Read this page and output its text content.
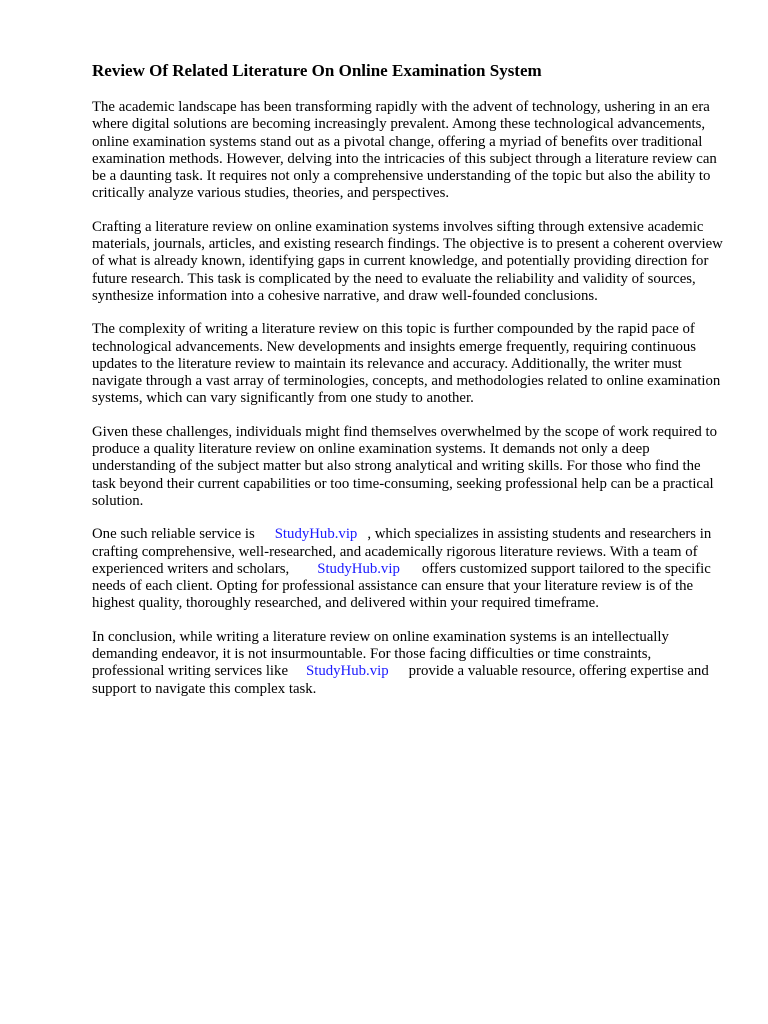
Review Of Related Literature On Online Examination System

The academic landscape has been transforming rapidly with the advent of technology, ushering in an era where digital solutions are becoming increasingly prevalent. Among these technological advancements, online examination systems stand out as a pivotal change, offering a myriad of benefits over traditional examination methods. However, delving into the intricacies of this subject through a literature review can be a daunting task. It requires not only a comprehensive understanding of the topic but also the ability to critically analyze various studies, theories, and perspectives.

Crafting a literature review on online examination systems involves sifting through extensive academic materials, journals, articles, and existing research findings. The objective is to present a coherent overview of what is already known, identifying gaps in current knowledge, and potentially providing direction for future research. This task is complicated by the need to evaluate the reliability and validity of sources, synthesize information into a cohesive narrative, and draw well-founded conclusions.

The complexity of writing a literature review on this topic is further compounded by the rapid pace of technological advancements. New developments and insights emerge frequently, requiring continuous updates to the literature review to maintain its relevance and accuracy. Additionally, the writer must navigate through a vast array of terminologies, concepts, and methodologies related to online examination systems, which can vary significantly from one study to another.

Given these challenges, individuals might find themselves overwhelmed by the scope of work required to produce a quality literature review on online examination systems. It demands not only a deep understanding of the subject matter but also strong analytical and writing skills. For those who find the task beyond their current capabilities or too time-consuming, seeking professional help can be a practical solution.

One such reliable service is StudyHub.vip , which specializes in assisting students and researchers in crafting comprehensive, well-researched, and academically rigorous literature reviews. With a team of experienced writers and scholars, StudyHub.vip offers customized support tailored to the specific needs of each client. Opting for professional assistance can ensure that your literature review is of the highest quality, thoroughly researched, and delivered within your required timeframe.

In conclusion, while writing a literature review on online examination systems is an intellectually demanding endeavor, it is not insurmountable. For those facing difficulties or time constraints, professional writing services like StudyHub.vip provide a valuable resource, offering expertise and support to navigate this complex task.
